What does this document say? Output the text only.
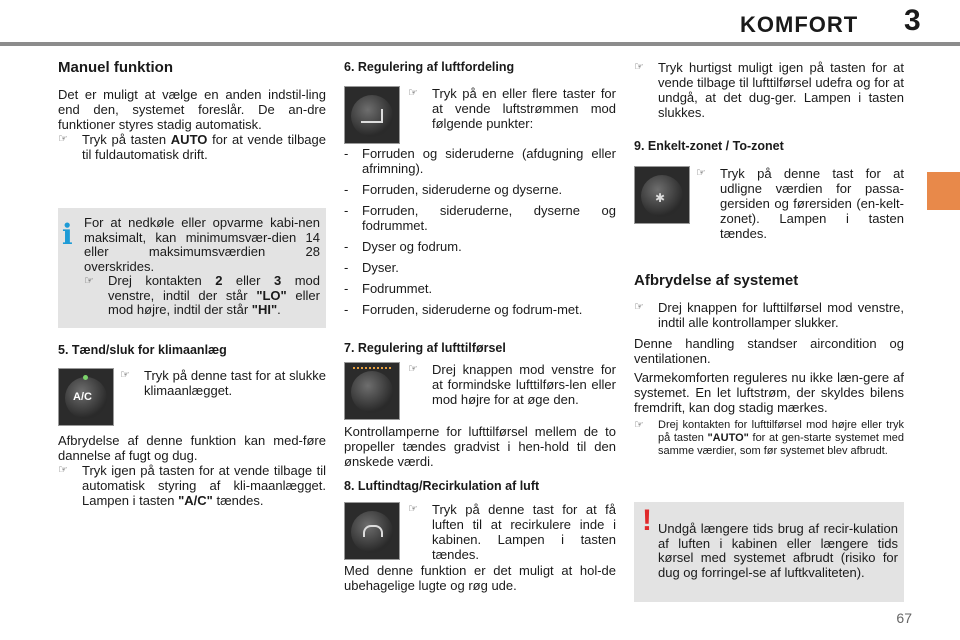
KOMFORT 3
67
Manuel funktion

Det er muligt at vælge en anden indstil-ling end den, systemet foreslår. De an-dre funktioner styres stadig automatisk.

☞	Tryk på tasten AUTO for at vende tilbage til fuldautomatisk drift.
i For at nedkøle eller opvarme kabi-nen maksimalt, kan minimumsvær-dien 14 eller maksimumsværdien 28 overskrides.

☞	Drej kontakten 2 eller 3 mod venstre, indtil der står "LO" eller mod højre, indtil der står "HI".
5. Tænd/sluk for klimaanlæg
A/C
☞	Tryk på denne tast for at slukke klimaanlægget.

Afbrydelse af denne funktion kan med-føre dannelse af fugt og dug.

☞	Tryk igen på tasten for at vende tilbage til automatisk styring af kli-maanlægget. Lampen i tasten "A/C" tændes.
6. Regulering af luftfordeling
☞	Tryk på en eller flere taster for at vende luftstrømmen mod følgende punkter:
-	Forruden og sideruderne (afdugning eller afrimning).
-	Forruden, sideruderne og dyserne.
-	Forruden, sideruderne, dyserne og fodrummet.
-	Dyser og fodrum.
-	Dyser.
-	Fodrummet.
-	Forruden, sideruderne og fodrum-met.
7. Regulering af lufttilførsel
☞	Drej knappen mod venstre for at formindske lufttilførs-len eller mod højre for at øge den.

Kontrollamperne for lufttilførsel mellem de to propeller tændes gradvist i hen-hold til den ønskede værdi.

8. Luftindtag/Recirkulation af luft
☞	Tryk på denne tast for at få luften til at recirkulere inde i kabinen. Lampen i tasten tændes.

Med denne funktion er det muligt at hol-de ubehagelige lugte og røg ude.

☞	Tryk hurtigst muligt igen på tasten for at vende tilbage til lufttilførsel udefra og for at undgå, at det dug-ger. Lampen i tasten slukkes.
9. Enkelt-zonet / To-zonet
✱
☞	Tryk på denne tast for at udligne værdien for passa-gersiden og førersiden (en-kelt-zonet). Lampen i tasten tændes.
Afbrydelse af systemet
☞	Drej knappen for lufttilførsel mod venstre, indtil alle kontrollamper slukker.

Denne handling standser aircondition og ventilationen.

Varmekomforten reguleres nu ikke læn-gere af systemet. En let luftstrøm, der skyldes bilens fremdrift, kan dog stadig mærkes.

☞	Drej kontakten for lufttilførsel mod højre eller tryk på tasten "AUTO" for at gen-starte systemet med samme værdier, som før systemet blev afbrudt.
! Undgå længere tids brug af recir-kulation af luften i kabinen eller længere tids kørsel med systemet afbrudt (risiko for dug og forringel-se af luftkvaliteten).
